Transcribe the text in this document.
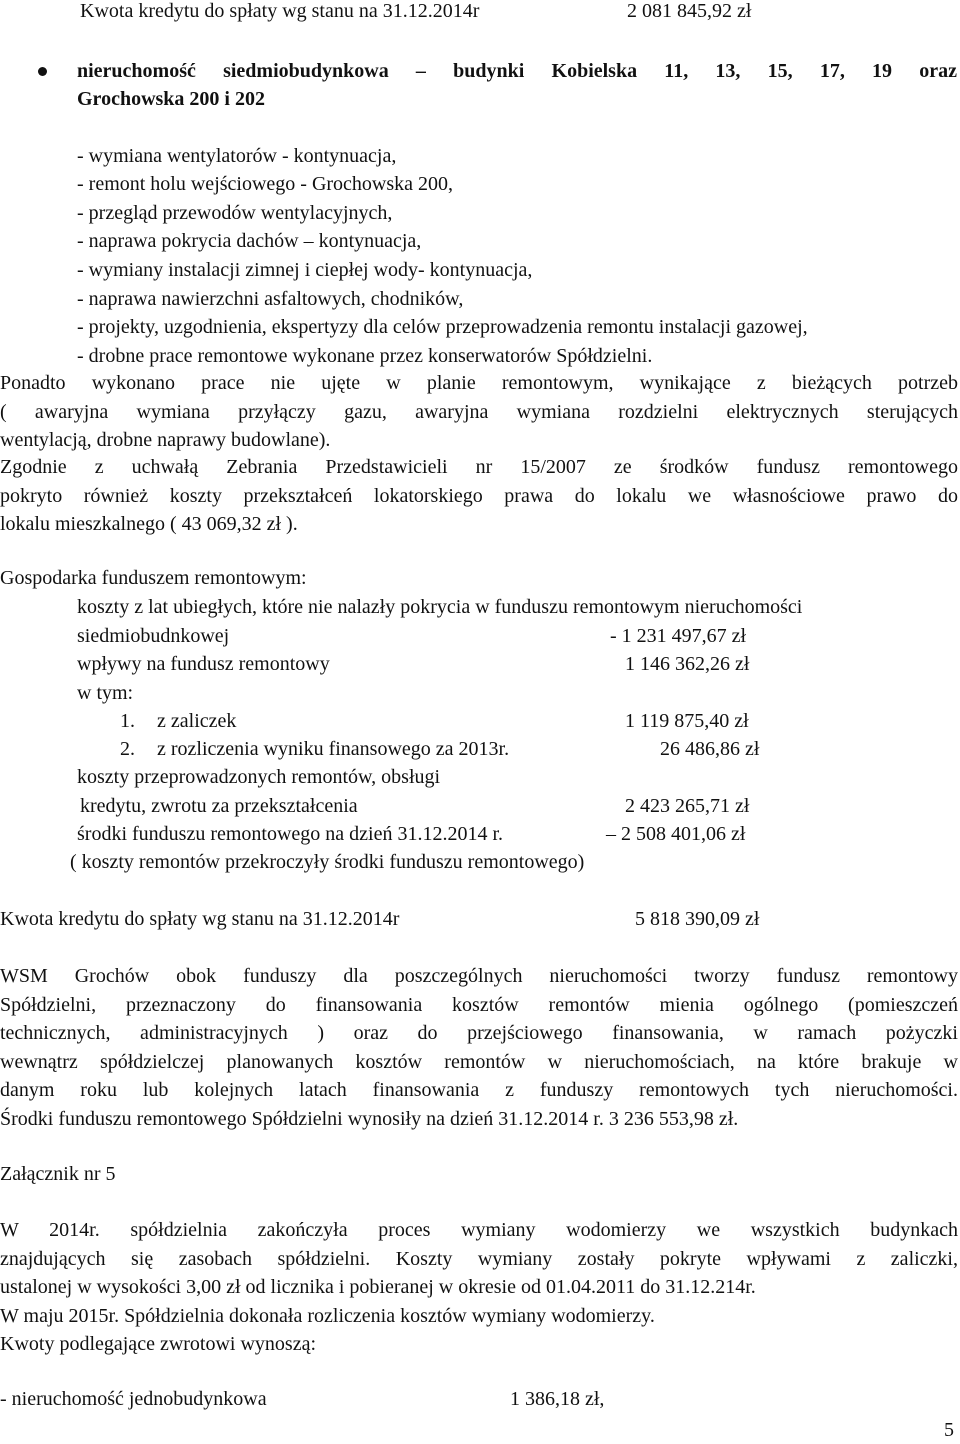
Kwota kredytu do spłaty wg stanu na 31.12.2014r	2 081 845,92 zł
nieruchomość siedmiobudynkowa – budynki Kobielska 11, 13, 15, 17, 19 oraz
Grochowska 200 i 202
- wymiana wentylatorów - kontynuacja,
- remont holu wejściowego - Grochowska 200,
- przegląd przewodów wentylacyjnych,
- naprawa pokrycia dachów – kontynuacja,
- wymiany instalacji zimnej i ciepłej wody- kontynuacja,
- naprawa nawierzchni asfaltowych, chodników,
- projekty, uzgodnienia, ekspertyzy dla celów przeprowadzenia remontu instalacji gazowej,
- drobne prace remontowe wykonane przez konserwatorów Spółdzielni.
Ponadto wykonano prace nie ujęte w planie remontowym, wynikające z bieżących potrzeb
( awaryjna wymiana przyłączy gazu, awaryjna wymiana rozdzielni elektrycznych sterujących
wentylacją, drobne naprawy budowlane).
Zgodnie z uchwałą Zebrania Przedstawicieli nr 15/2007 ze środków fundusz remontowego
pokryto również koszty przekształceń lokatorskiego prawa do lokalu we własnościowe prawo do
lokalu mieszkalnego ( 43 069,32 zł ).
Gospodarka funduszem remontowym:
koszty z lat ubiegłych, które nie nalazły pokrycia w funduszu remontowym nieruchomości
siedmiobudnkowej	- 1 231 497,67 zł
wpływy na fundusz remontowy	1 146 362,26 zł
w tym:
1. z zaliczek	1 119 875,40 zł
2. z rozliczenia wyniku finansowego za 2013r.	26 486,86 zł
koszty przeprowadzonych remontów, obsługi
kredytu, zwrotu za przekształcenia	2 423 265,71 zł
środki funduszu remontowego na dzień 31.12.2014 r.	– 2 508 401,06 zł
( koszty remontów przekroczyły środki funduszu remontowego)
Kwota kredytu do spłaty wg stanu na 31.12.2014r	5 818 390,09 zł
WSM Grochów obok funduszy dla poszczególnych nieruchomości tworzy fundusz remontowy
Spółdzielni, przeznaczony do finansowania kosztów remontów mienia ogólnego (pomieszczeń
technicznych, administracyjnych ) oraz do przejściowego finansowania, w ramach pożyczki
wewnątrz spółdzielczej planowanych kosztów remontów w nieruchomościach, na które brakuje w
danym roku lub kolejnych latach finansowania z funduszy remontowych tych nieruchomości.
Środki funduszu remontowego Spółdzielni wynosiły na dzień 31.12.2014 r. 3 236 553,98 zł.
Załącznik nr 5
W 2014r. spółdzielnia zakończyła proces wymiany wodomierzy we wszystkich budynkach
znajdujących się zasobach spółdzielni. Koszty wymiany zostały pokryte wpływami z zaliczki,
ustalonej w wysokości 3,00 zł od licznika i pobieranej w okresie od 01.04.2011 do 31.12.214r.
W maju 2015r. Spółdzielnia dokonała rozliczenia kosztów wymiany wodomierzy.
Kwoty podlegające zwrotowi wynoszą:
- nieruchomość jednobudynkowa	1 386,18 zł,
5
